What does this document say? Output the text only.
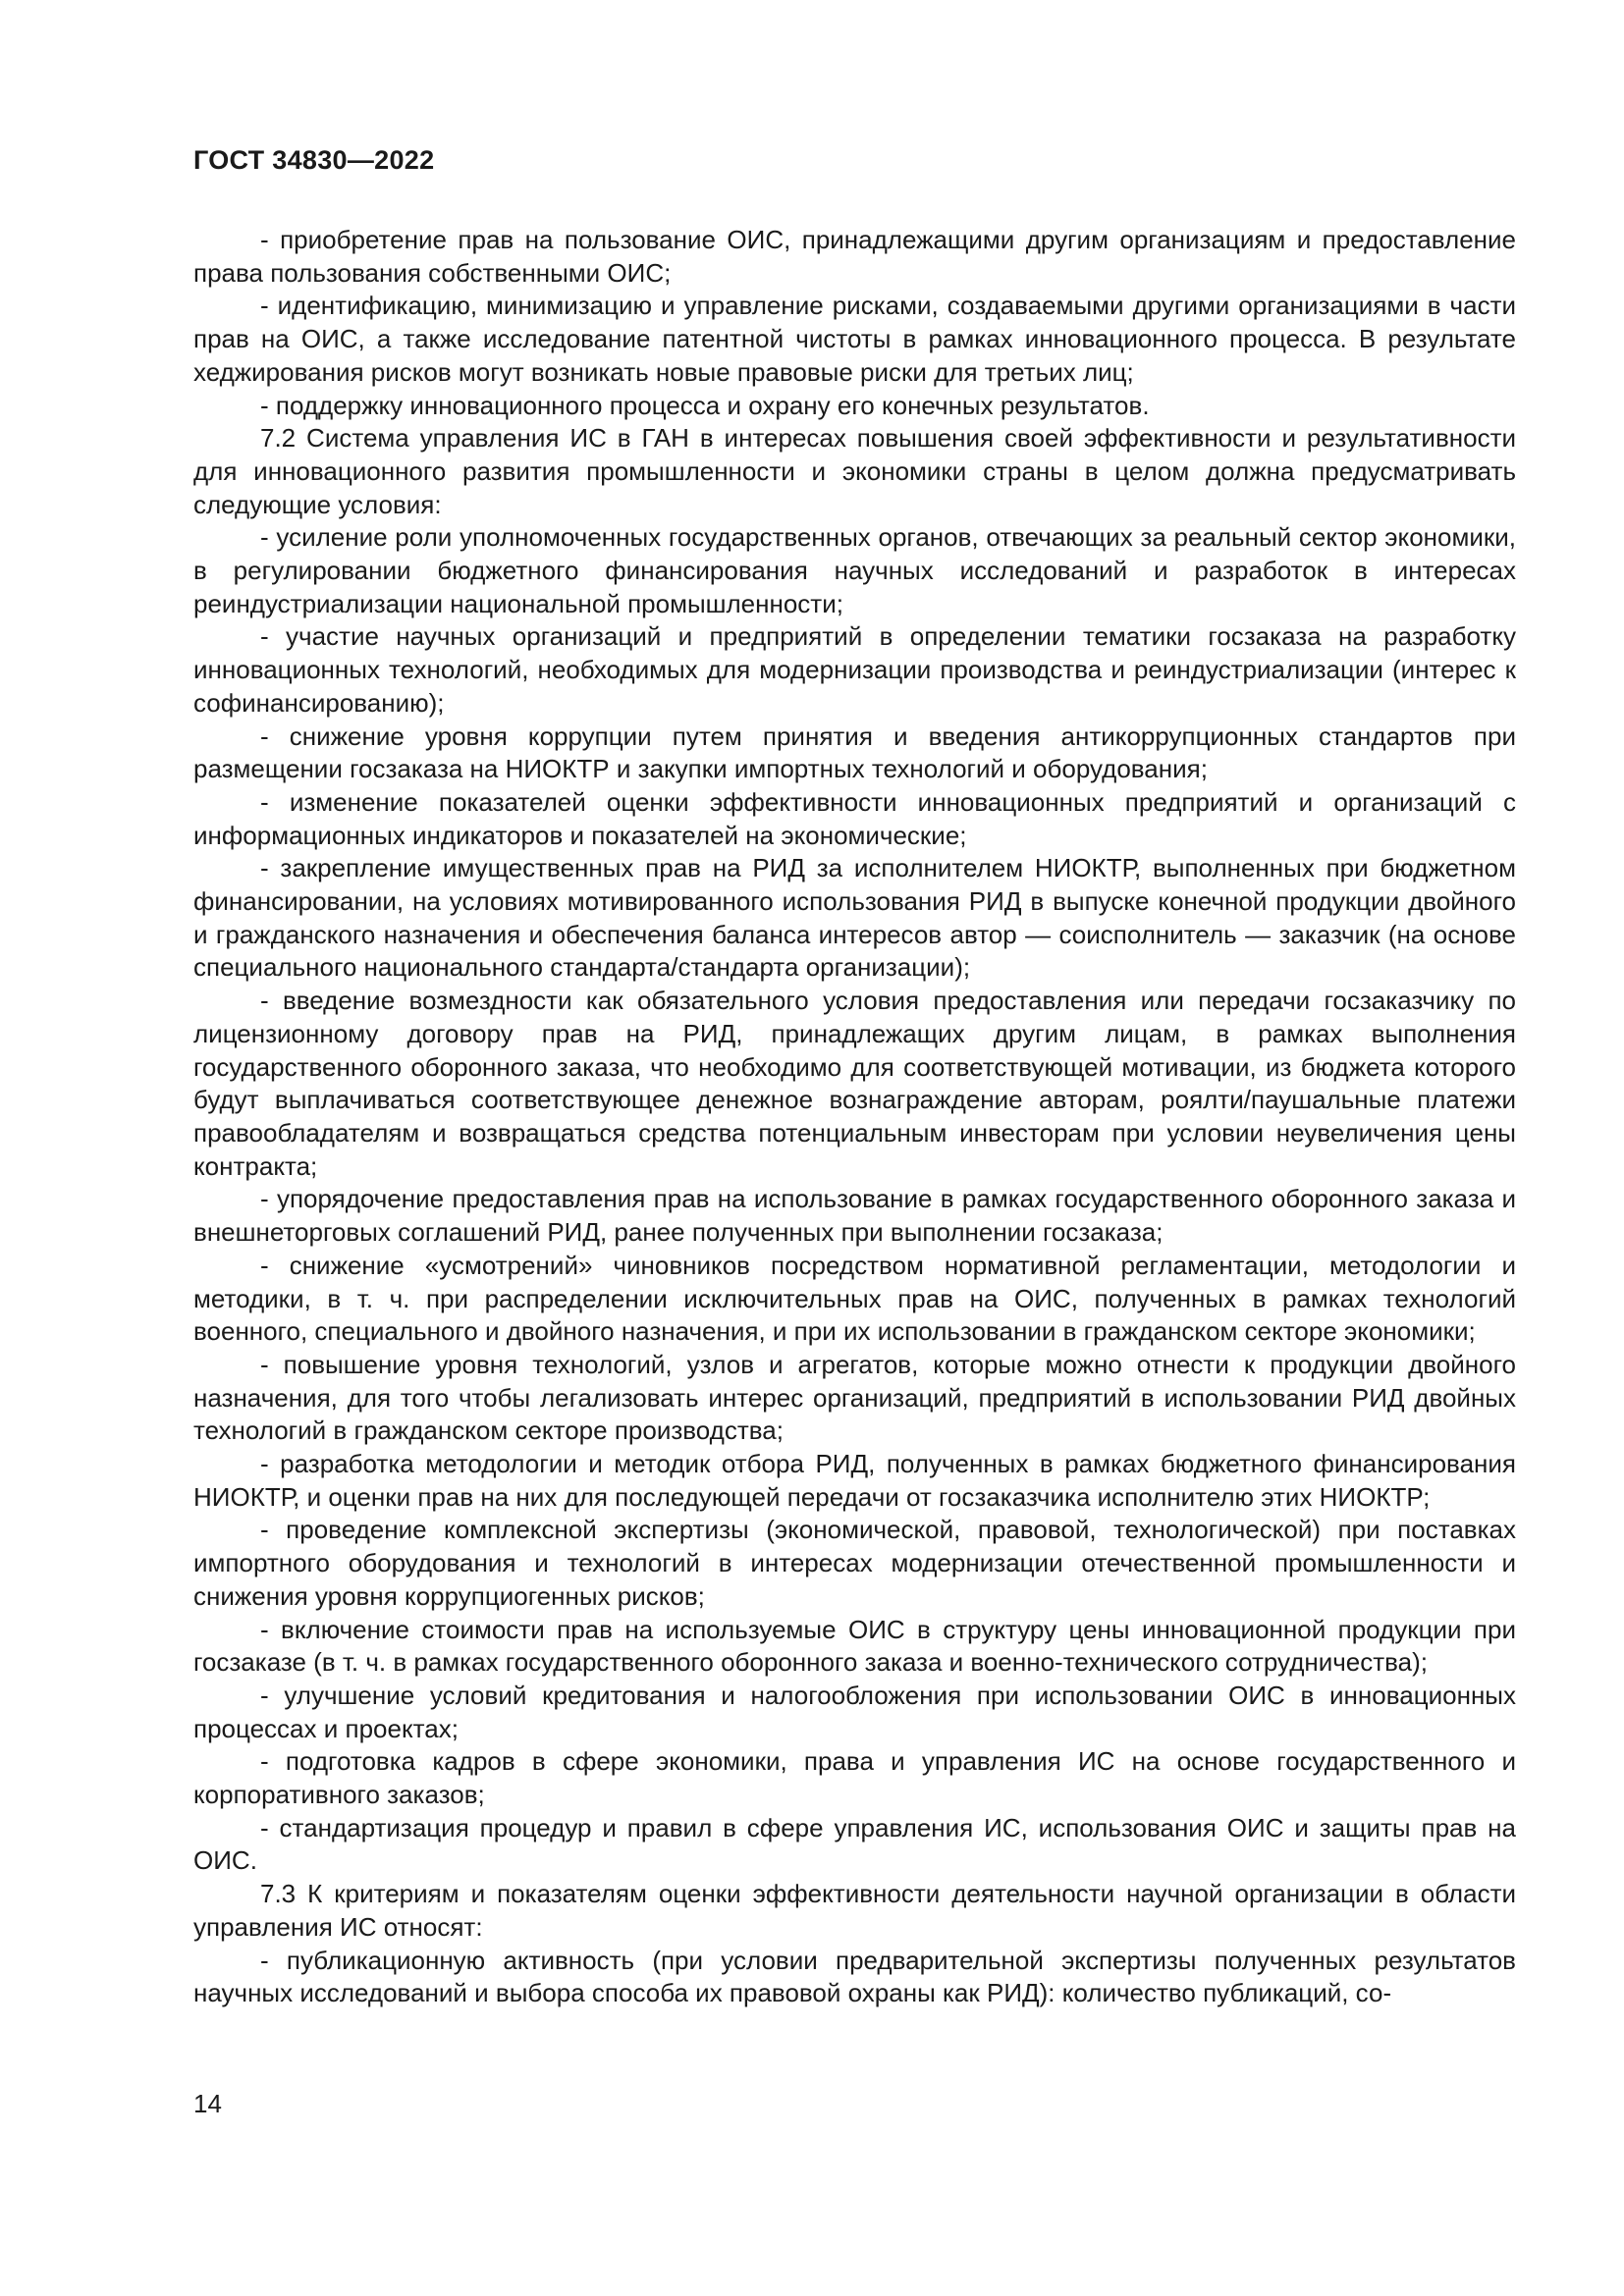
ГОСТ 34830—2022

- приобретение прав на пользование ОИС, принадлежащими другим организациям и предоставление права пользования собственными ОИС;

- идентификацию, минимизацию и управление рисками, создаваемыми другими организациями в части прав на ОИС, а также исследование патентной чистоты в рамках инновационного процесса. В результате хеджирования рисков могут возникать новые правовые риски для третьих лиц;

- поддержку инновационного процесса и охрану его конечных результатов.

7.2 Система управления ИС в ГАН в интересах повышения своей эффективности и результативности для инновационного развития промышленности и экономики страны в целом должна предусматривать следующие условия:

- усиление роли уполномоченных государственных органов, отвечающих за реальный сектор экономики, в регулировании бюджетного финансирования научных исследований и разработок в интересах реиндустриализации национальной промышленности;

- участие научных организаций и предприятий в определении тематики госзаказа на разработку инновационных технологий, необходимых для модернизации производства и реиндустриализации (интерес к софинансированию);

- снижение уровня коррупции путем принятия и введения антикоррупционных стандартов при размещении госзаказа на НИОКТР и закупки импортных технологий и оборудования;

- изменение показателей оценки эффективности инновационных предприятий и организаций с информационных индикаторов и показателей на экономические;

- закрепление имущественных прав на РИД за исполнителем НИОКТР, выполненных при бюджетном финансировании, на условиях мотивированного использования РИД в выпуске конечной продукции двойного и гражданского назначения и обеспечения баланса интересов автор — соисполнитель — заказчик (на основе специального национального стандарта/стандарта организации);

- введение возмездности как обязательного условия предоставления или передачи госзаказчику по лицензионному договору прав на РИД, принадлежащих другим лицам, в рамках выполнения государственного оборонного заказа, что необходимо для соответствующей мотивации, из бюджета которого будут выплачиваться соответствующее денежное вознаграждение авторам, роялти/паушальные платежи правообладателям и возвращаться средства потенциальным инвесторам при условии неувеличения цены контракта;

- упорядочение предоставления прав на использование в рамках государственного оборонного заказа и внешнеторговых соглашений РИД, ранее полученных при выполнении госзаказа;

- снижение «усмотрений» чиновников посредством нормативной регламентации, методологии и методики, в т. ч. при распределении исключительных прав на ОИС, полученных в рамках технологий военного, специального и двойного назначения, и при их использовании в гражданском секторе экономики;

- повышение уровня технологий, узлов и агрегатов, которые можно отнести к продукции двойного назначения, для того чтобы легализовать интерес организаций, предприятий в использовании РИД двойных технологий в гражданском секторе производства;

- разработка методологии и методик отбора РИД, полученных в рамках бюджетного финансирования НИОКТР, и оценки прав на них для последующей передачи от госзаказчика исполнителю этих НИОКТР;

- проведение комплексной экспертизы (экономической, правовой, технологической) при поставках импортного оборудования и технологий в интересах модернизации отечественной промышленности и снижения уровня коррупциогенных рисков;

- включение стоимости прав на используемые ОИС в структуру цены инновационной продукции при госзаказе (в т. ч. в рамках государственного оборонного заказа и военно-технического сотрудничества);

- улучшение условий кредитования и налогообложения при использовании ОИС в инновационных процессах и проектах;

- подготовка кадров в сфере экономики, права и управления ИС на основе государственного и корпоративного заказов;

- стандартизация процедур и правил в сфере управления ИС, использования ОИС и защиты прав на ОИС.

7.3 К критериям и показателям оценки эффективности деятельности научной организации в области управления ИС относят:

- публикационную активность (при условии предварительной экспертизы полученных результатов научных исследований и выбора способа их правовой охраны как РИД): количество публикаций, со-

14
